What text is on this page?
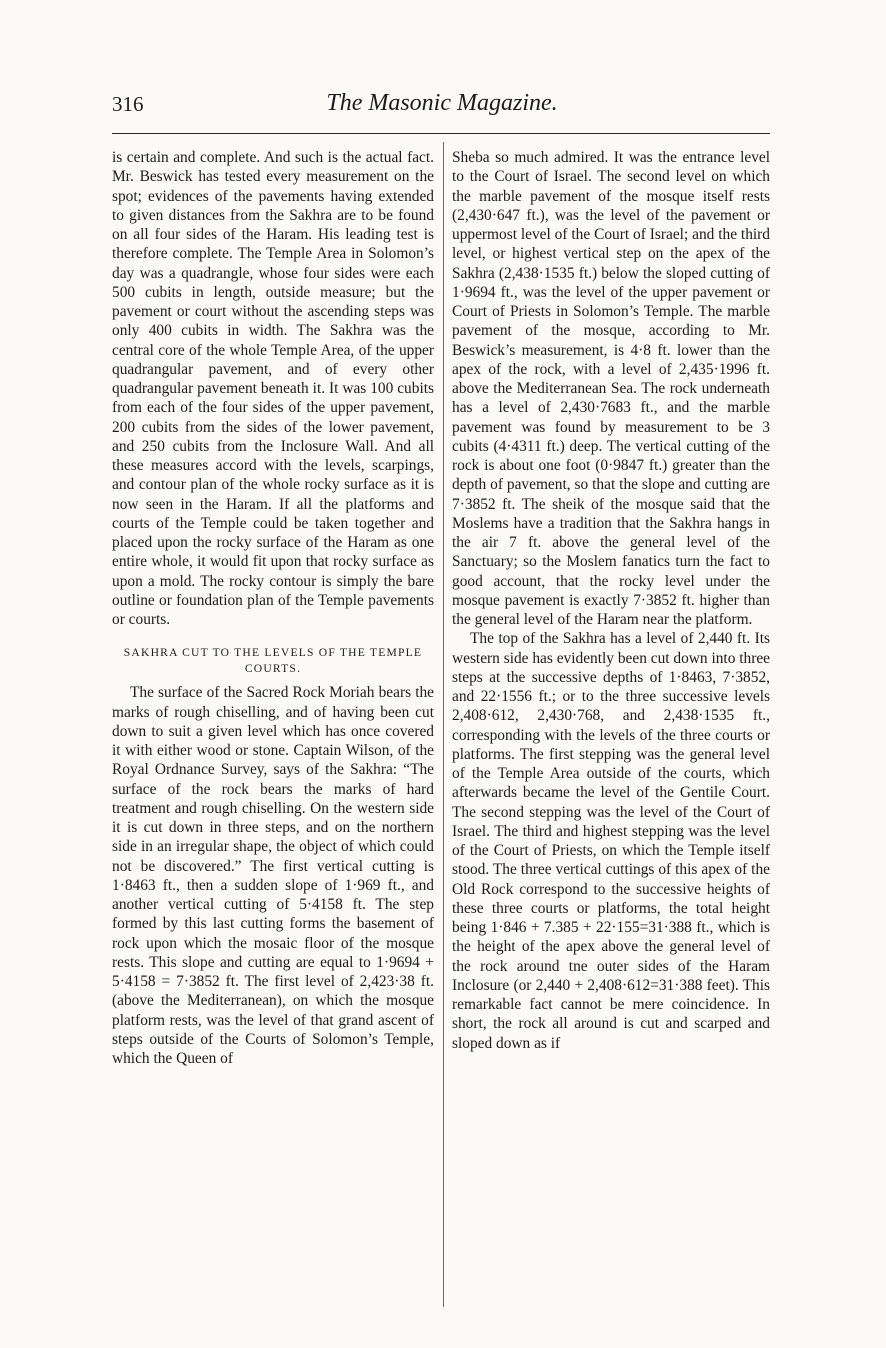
316	The Masonic Magazine.

is certain and complete. And such is the actual fact. Mr. Beswick has tested every measurement on the spot; evidences of the pavements having extended to given distances from the Sakhra are to be found on all four sides of the Haram. His leading test is therefore complete. The Temple Area in Solomon’s day was a quadrangle, whose four sides were each 500 cubits in length, outside measure; but the pavement or court without the ascending steps was only 400 cubits in width. The Sakhra was the central core of the whole Temple Area, of the upper quadrangular pavement, and of every other quadrangular pavement beneath it. It was 100 cubits from each of the four sides of the upper pavement, 200 cubits from the sides of the lower pavement, and 250 cubits from the Inclosure Wall. And all these measures accord with the levels, scarpings, and contour plan of the whole rocky surface as it is now seen in the Haram. If all the platforms and courts of the Temple could be taken together and placed upon the rocky surface of the Haram as one entire whole, it would fit upon that rocky surface as upon a mold. The rocky contour is simply the bare outline or foundation plan of the Temple pavements or courts.

SAKHRA CUT TO THE LEVELS OF THE TEMPLE COURTS.

The surface of the Sacred Rock Moriah bears the marks of rough chiselling, and of having been cut down to suit a given level which has once covered it with either wood or stone. Captain Wilson, of the Royal Ordnance Survey, says of the Sakhra: “The surface of the rock bears the marks of hard treatment and rough chiselling. On the western side it is cut down in three steps, and on the northern side in an irregular shape, the object of which could not be discovered.” The first vertical cutting is 1·8463 ft., then a sudden slope of 1·969 ft., and another vertical cutting of 5·4158 ft. The step formed by this last cutting forms the basement of rock upon which the mosaic floor of the mosque rests. This slope and cutting are equal to 1·9694 + 5·4158 = 7·3852 ft. The first level of 2,423·38 ft. (above the Mediterranean), on which the mosque platform rests, was the level of that grand ascent of steps outside of the Courts of Solomon’s Temple, which the Queen of

Sheba so much admired. It was the entrance level to the Court of Israel. The second level on which the marble pavement of the mosque itself rests (2,430·647 ft.), was the level of the pavement or uppermost level of the Court of Israel; and the third level, or highest vertical step on the apex of the Sakhra (2,438·1535 ft.) below the sloped cutting of 1·9694 ft., was the level of the upper pavement or Court of Priests in Solomon’s Temple. The marble pavement of the mosque, according to Mr. Beswick’s measurement, is 4·8 ft. lower than the apex of the rock, with a level of 2,435·1996 ft. above the Mediterranean Sea. The rock underneath has a level of 2,430·7683 ft., and the marble pavement was found by measurement to be 3 cubits (4·4311 ft.) deep. The vertical cutting of the rock is about one foot (0·9847 ft.) greater than the depth of pavement, so that the slope and cutting are 7·3852 ft. The sheik of the mosque said that the Moslems have a tradition that the Sakhra hangs in the air 7 ft. above the general level of the Sanctuary; so the Moslem fanatics turn the fact to good account, that the rocky level under the mosque pavement is exactly 7·3852 ft. higher than the general level of the Haram near the platform.

The top of the Sakhra has a level of 2,440 ft. Its western side has evidently been cut down into three steps at the successive depths of 1·8463, 7·3852, and 22·1556 ft.; or to the three successive levels 2,408·612, 2,430·768, and 2,438·1535 ft., corresponding with the levels of the three courts or platforms. The first stepping was the general level of the Temple Area outside of the courts, which afterwards became the level of the Gentile Court. The second stepping was the level of the Court of Israel. The third and highest stepping was the level of the Court of Priests, on which the Temple itself stood. The three vertical cuttings of this apex of the Old Rock correspond to the successive heights of these three courts or platforms, the total height being 1·846 + 7.385 + 22·155=31·388 ft., which is the height of the apex above the general level of the rock around tne outer sides of the Haram Inclosure (or 2,440 + 2,408·612=31·388 feet). This remarkable fact cannot be mere coincidence. In short, the rock all around is cut and scarped and sloped down as if
